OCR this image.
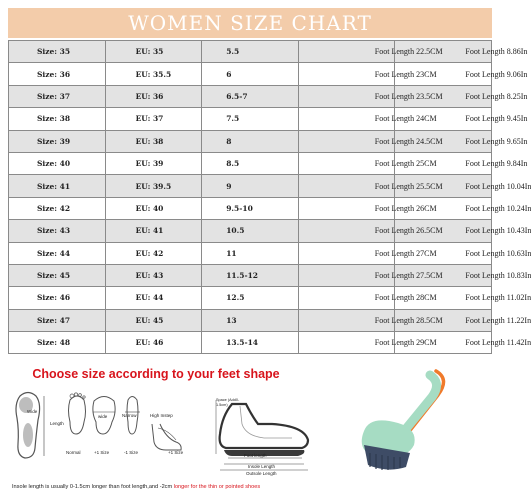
WOMEN SIZE CHART
Size: 35	EU: 35	5.5	Foot Length 22.5CM	Foot Length 8.86In
Size: 36	EU: 35.5	6	Foot Length 23CM	Foot Length 9.06In
Size: 37	EU: 36	6.5-7	Foot Length 23.5CM	Foot Length 8.25In
Size: 38	EU: 37	7.5	Foot Length 24CM	Foot Length 9.45In
Size: 39	EU: 38	8	Foot Length 24.5CM	Foot Length 9.65In
Size: 40	EU: 39	8.5	Foot Length 25CM	Foot Length 9.84In
Size: 41	EU: 39.5	9	Foot Length 25.5CM	Foot Length 10.04In
Size: 42	EU: 40	9.5-10	Foot Length 26CM	Foot Length 10.24In
Size: 43	EU: 41	10.5	Foot Length 26.5CM	Foot Length 10.43In
Size: 44	EU: 42	11	Foot Length 27CM	Foot Length 10.63In
Size: 45	EU: 43	11.5-12	Foot Length 27.5CM	Foot Length 10.83In
Size: 46	EU: 44	12.5	Foot Length 28CM	Foot Length 11.02In
Size: 47	EU: 45	13	Foot Length 28.5CM	Foot Length 11.22In
Size: 48	EU: 46	13.5-14	Foot Length 29CM	Foot Length 11.42In
Choose size according to your feet shape
Wide
Length
wide	Narrow	High Instep
Normal	+1 Size	-1 Size	+1 Size
Space (Add0-1.5cm)
Foot length
Insole Length
Outsole Length
Insole length is usually 0-1.5cm longer than foot length,and -2cm longer for the thin or pointed shoes
